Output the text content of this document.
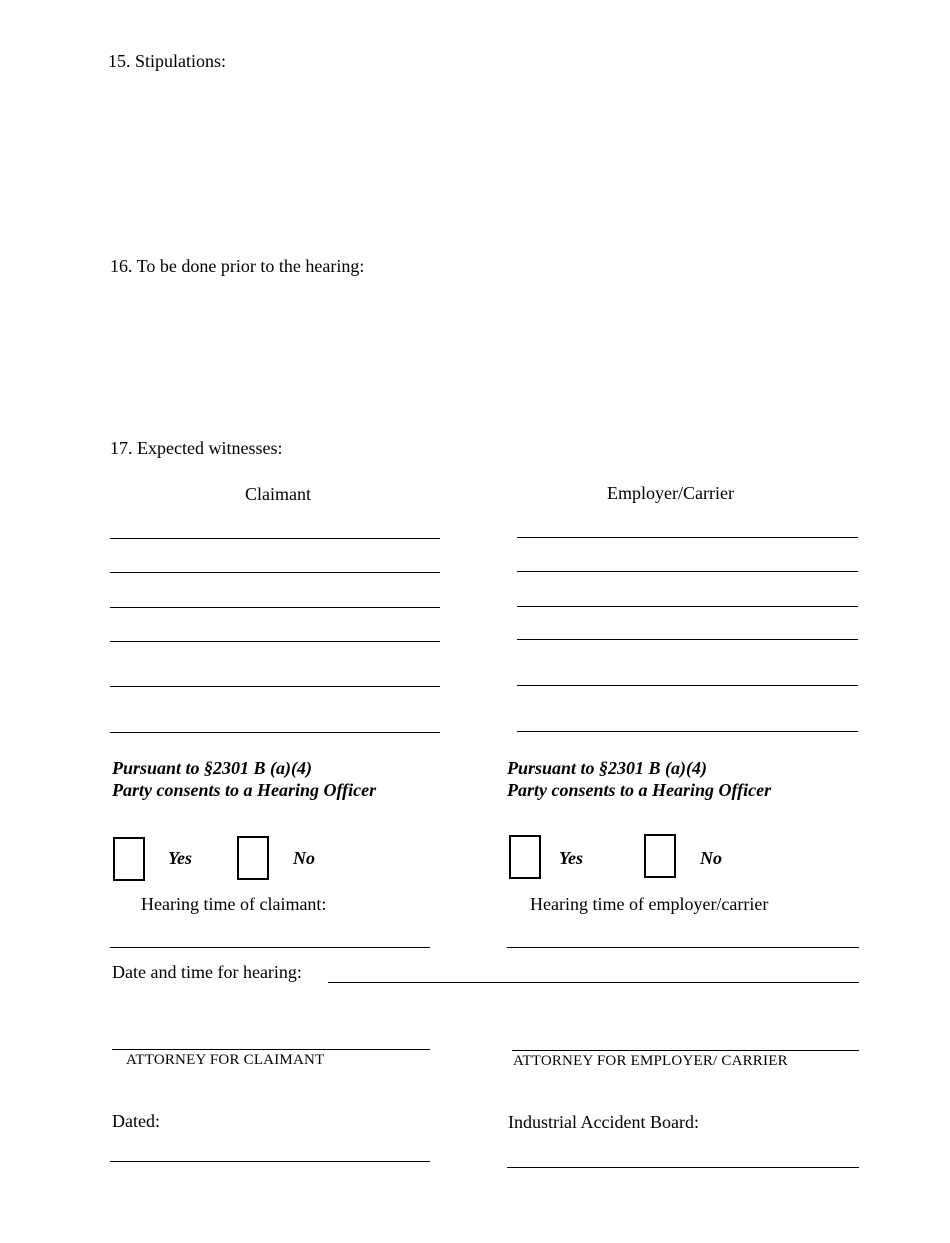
15. Stipulations:
16. To be done prior to the hearing:
17. Expected witnesses:
Claimant	Employer/Carrier
Pursuant to §2301 B (a)(4)
Party consents to a Hearing Officer
Yes	No
Hearing time of claimant:
Pursuant to §2301 B (a)(4)
Party consents to a Hearing Officer
Yes	No
Hearing time of employer/carrier
Date and time for hearing:
ATTORNEY FOR CLAIMANT	ATTORNEY FOR EMPLOYER/ CARRIER
Dated:	Industrial Accident Board:
